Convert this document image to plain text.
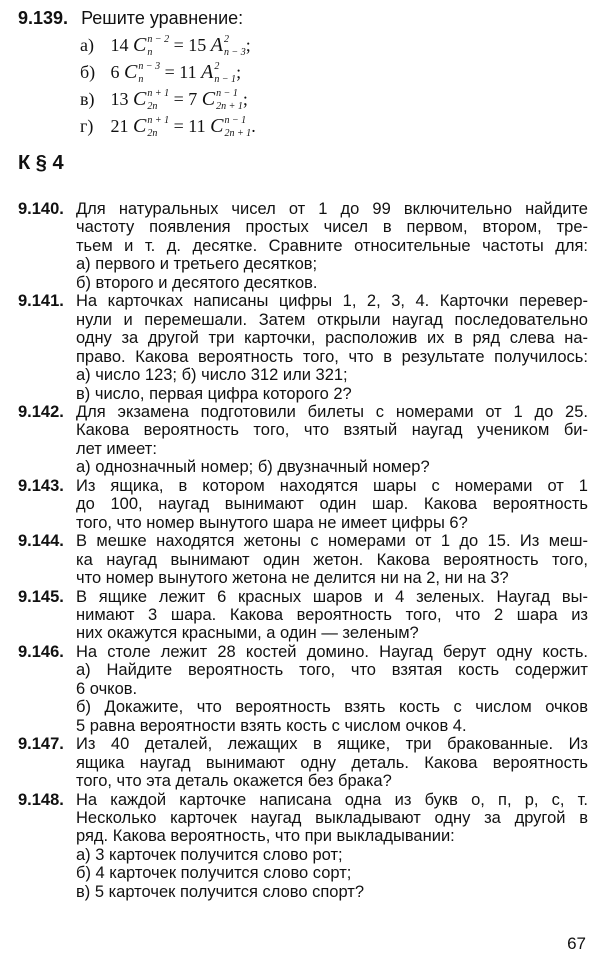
9.139. Решите уравнение:
а) 14 C n − 2
n	= 15 A 2
n − 3 ;
б) 6 C n − 3
n	= 11 A 2
n − 1 ;
в) 13 C n + 1
2n = 7 C n − 1
2n + 1 ;
г) 21 C n + 1
2n = 11 C n − 1
2n + 1 .
К § 4
9.140. Для натуральных чисел от 1 до 99 включительно найдите
частоту появления простых чисел в первом, втором, тре-
тьем и т. д. десятке. Сравните относительные частоты для:
а) первого и третьего десятков;
б) второго и десятого десятков.
9.141. На карточках написаны цифры 1, 2, 3, 4. Карточки перевер-
нули и перемешали. Затем открыли наугад последовательно
одну за другой три карточки, расположив их в ряд слева на-
право. Какова вероятность того, что в результате получилось:
а) число 123; б) число 312 или 321;
в) число, первая цифра которого 2?
9.142. Для экзамена подготовили билеты с номерами от 1 до 25.
Какова вероятность того, что взятый наугад учеником би-
лет имеет:
а) однозначный номер; б) двузначный номер?
9.143. Из ящика, в котором находятся шары с номерами от 1
до 100, наугад вынимают один шар. Какова вероятность
того, что номер вынутого шара не имеет цифры 6?
9.144. В мешке находятся жетоны с номерами от 1 до 15. Из меш-
ка наугад вынимают один жетон. Какова вероятность того,
что номер вынутого жетона не делится ни на 2, ни на 3?
9.145. В ящике лежит 6 красных шаров и 4 зеленых. Наугад вы-
нимают 3 шара. Какова вероятность того, что 2 шара из
них окажутся красными, а один — зеленым?
9.146. На столе лежит 28 костей домино. Наугад берут одну кость.
а) Найдите вероятность того, что взятая кость содержит
6 очков.
б) Докажите, что вероятность взять кость с числом очков
5 равна вероятности взять кость с числом очков 4.
9.147. Из 40 деталей, лежащих в ящике, три бракованные. Из
ящика наугад вынимают одну деталь. Какова вероятность
того, что эта деталь окажется без брака?
9.148. На каждой карточке написана одна из букв о, п, р, с, т.
Несколько карточек наугад выкладывают одну за другой в
ряд. Какова вероятность, что при выкладывании:
а) 3 карточек получится слово рот;
б) 4 карточек получится слово сорт;
в) 5 карточек получится слово спорт?
67
